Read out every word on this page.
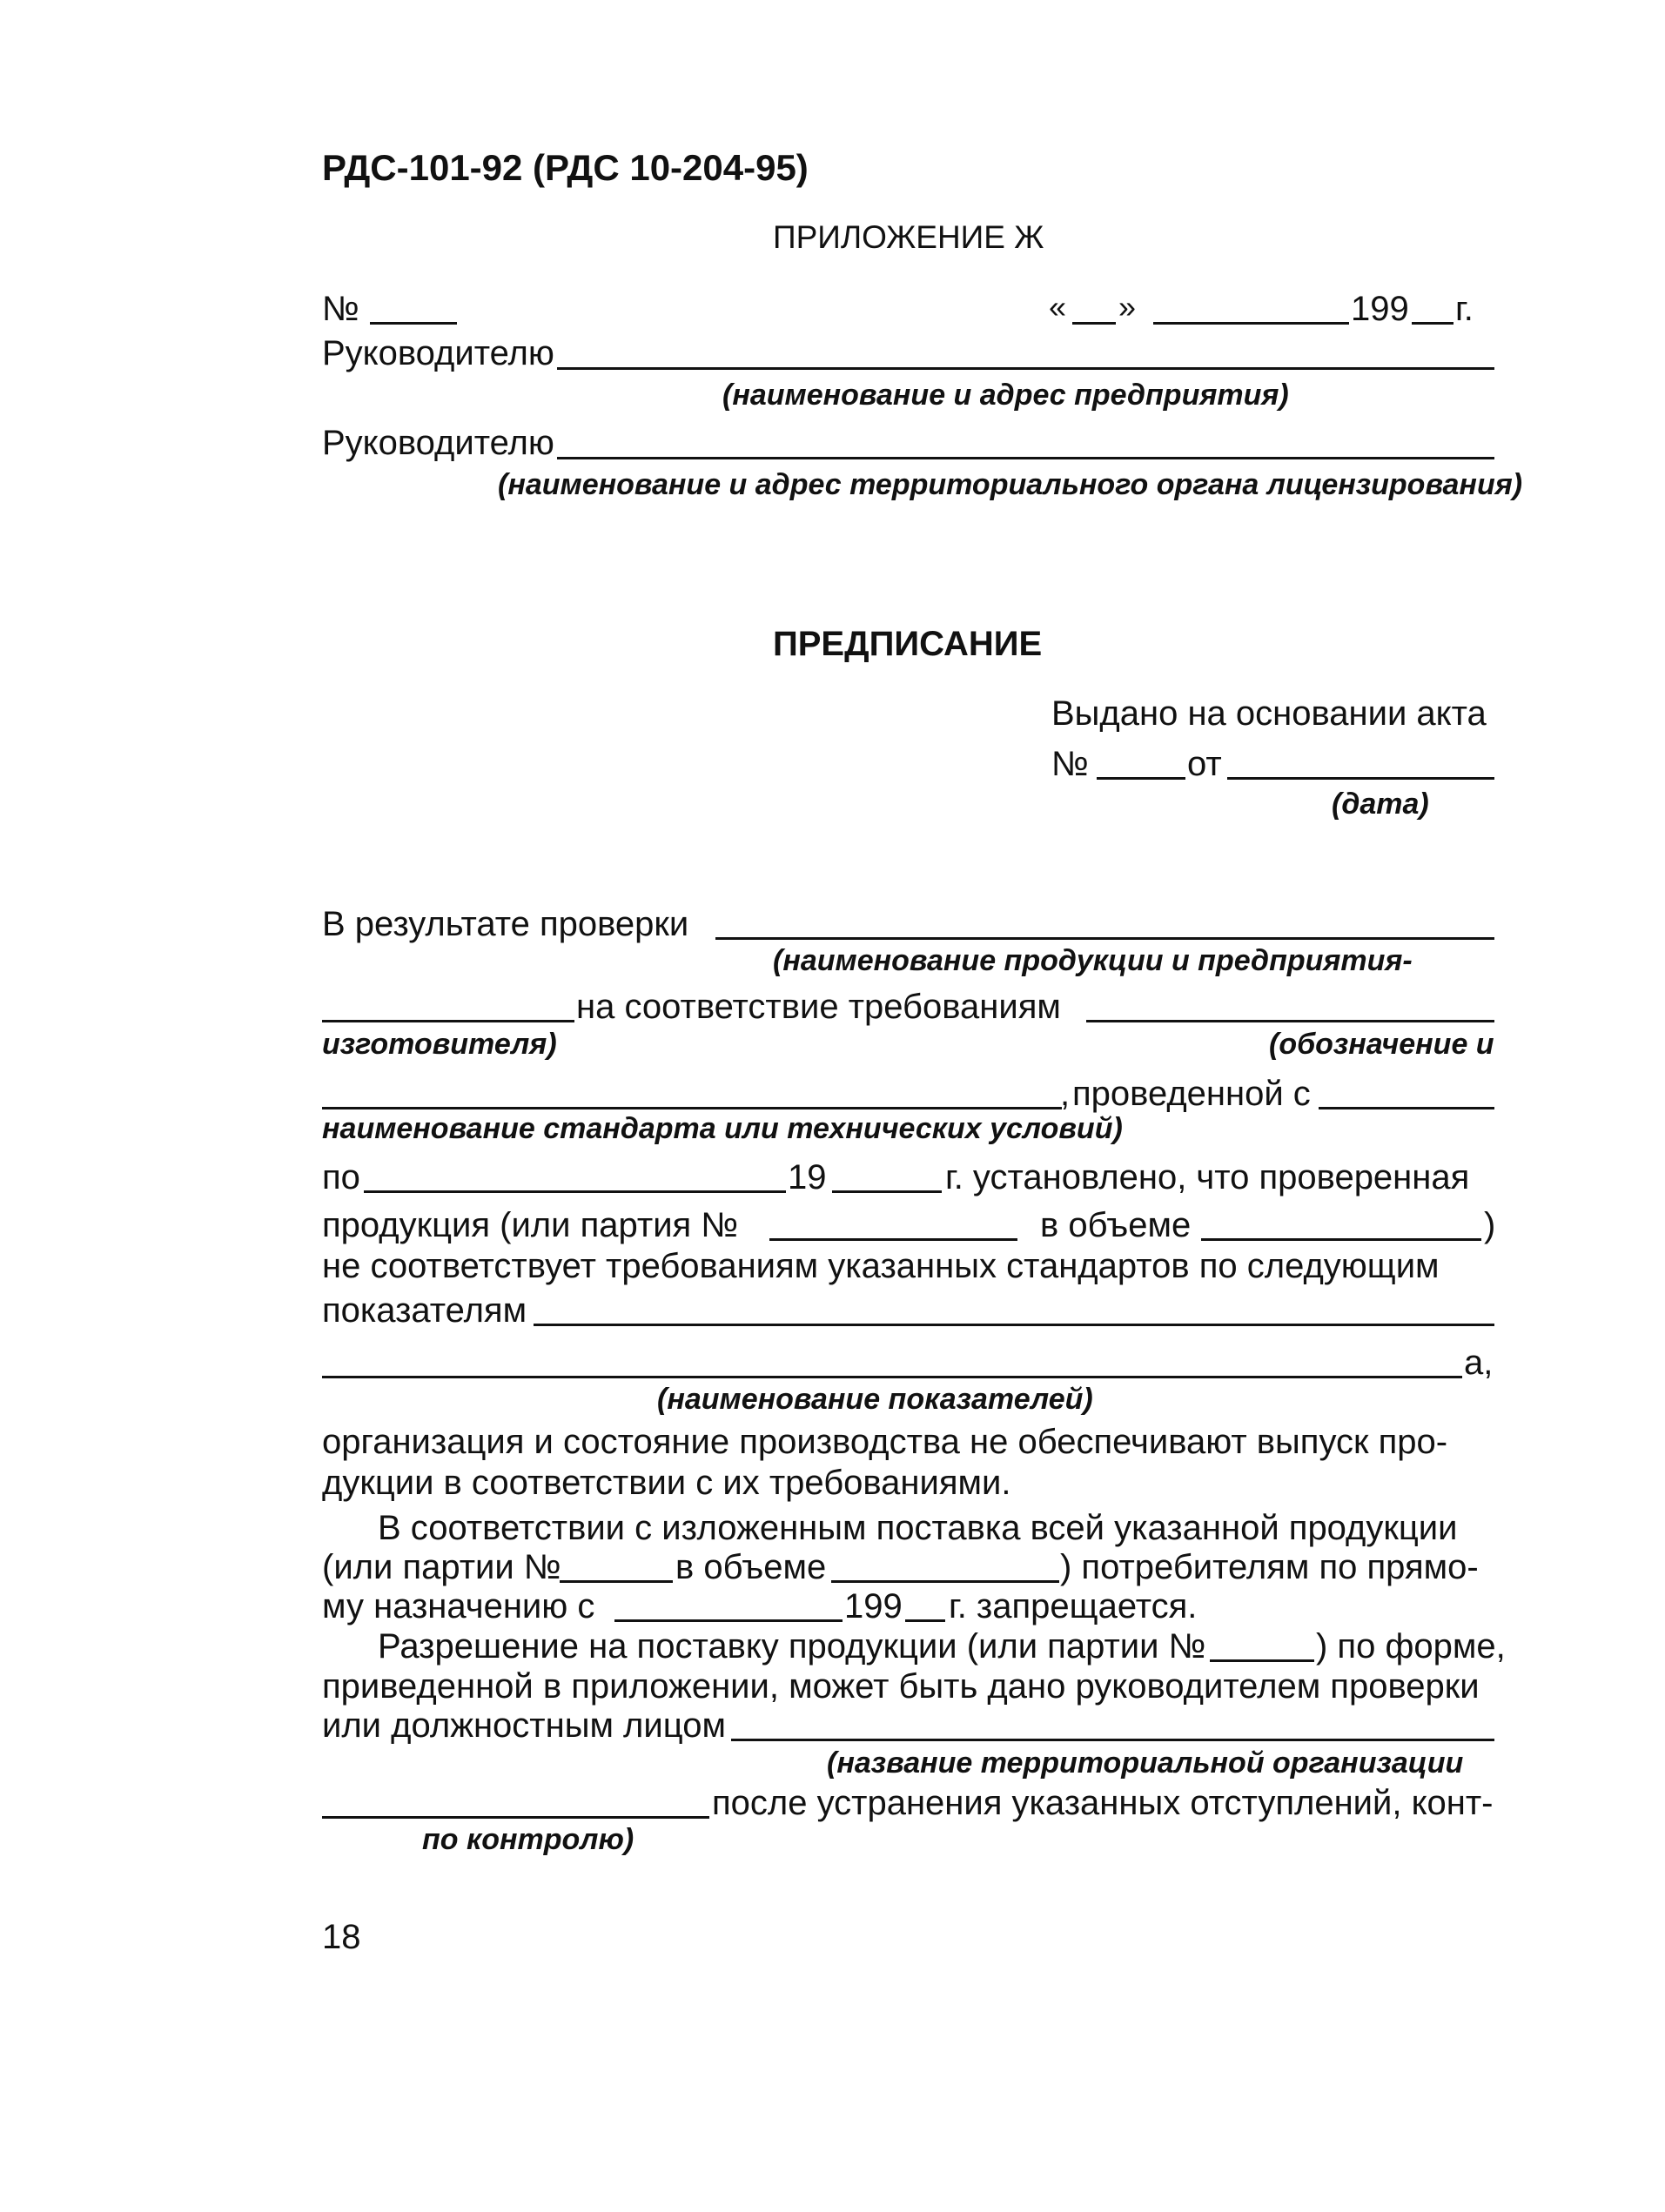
РДС-101-92 (РДС 10-204-95)
ПРИЛОЖЕНИЕ Ж
№	« »	199 г.
Руководителю
(наименование и адрес предприятия)
Руководителю
(наименование и адрес территориального органа лицензирования)
ПРЕДПИСАНИЕ
Выдано на основании акта
№	от
(дата)
В результате проверки
(наименование продукции и предприятия-
на соответствие требованиям
изготовителя)	(обозначение и
, проведенной с
наименование стандарта или технических условий)
по	19	г. установлено, что проверенная
продукция (или партия №	в объеме	)
не соответствует требованиям указанных стандартов по следующим
показателям
а,
(наименование показателей)
организация и состояние производства не обеспечивают выпуск про-
дукции в соответствии с их требованиями.
В соответствии с изложенным поставка всей указанной продукции
(или партии №	в объеме	) потребителям по прямо-
му назначению с	199 г. запрещается.
Разрешение на поставку продукции (или партии №	) по форме,
приведенной в приложении, может быть дано руководителем проверки
или должностным лицом
(название территориальной организации
после устранения указанных отступлений, конт-
по контролю)
18
